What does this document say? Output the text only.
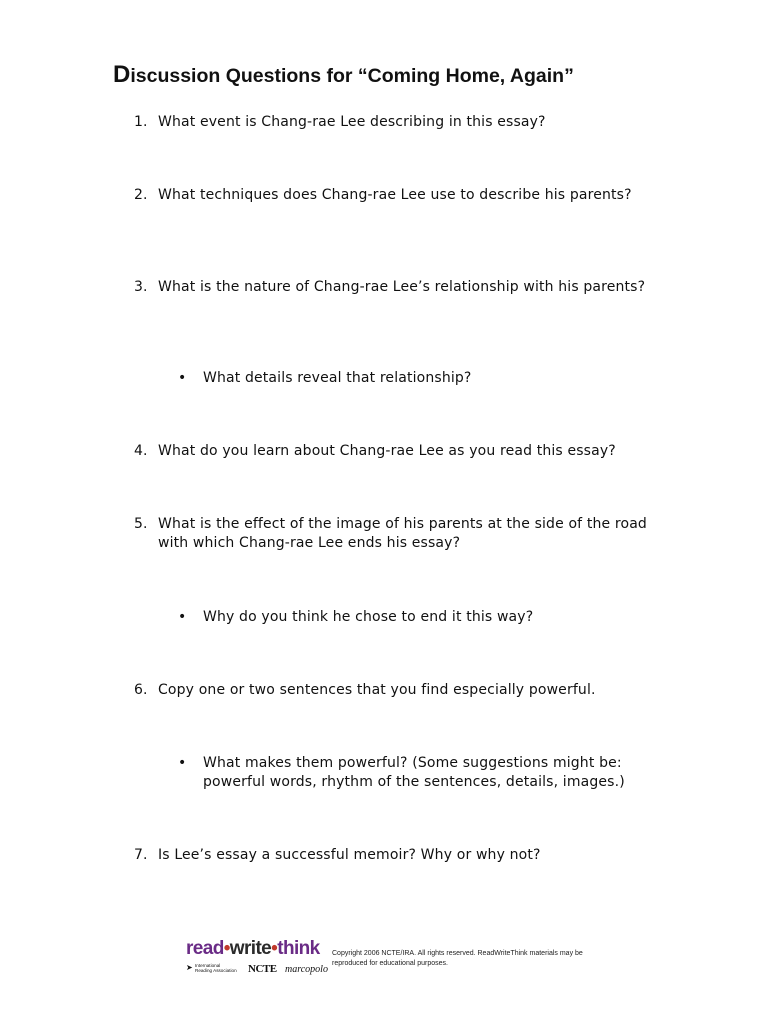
Discussion Questions for “Coming Home, Again”
1. What event is Chang-rae Lee describing in this essay?
2. What techniques does Chang-rae Lee use to describe his parents?
3. What is the nature of Chang-rae Lee’s relationship with his parents?
• What details reveal that relationship?
4. What do you learn about Chang-rae Lee as you read this essay?
5. What is the effect of the image of his parents at the side of the road with which Chang-rae Lee ends his essay?
• Why do you think he chose to end it this way?
6. Copy one or two sentences that you find especially powerful.
• What makes them powerful? (Some suggestions might be: powerful words, rhythm of the sentences, details, images.)
7. Is Lee’s essay a successful memoir? Why or why not?
read•write•think
➤ International
Reading Association NCTE marcopolo
Copyright 2006 NCTE/IRA. All rights reserved. ReadWriteThink materials may be reproduced for educational purposes.
